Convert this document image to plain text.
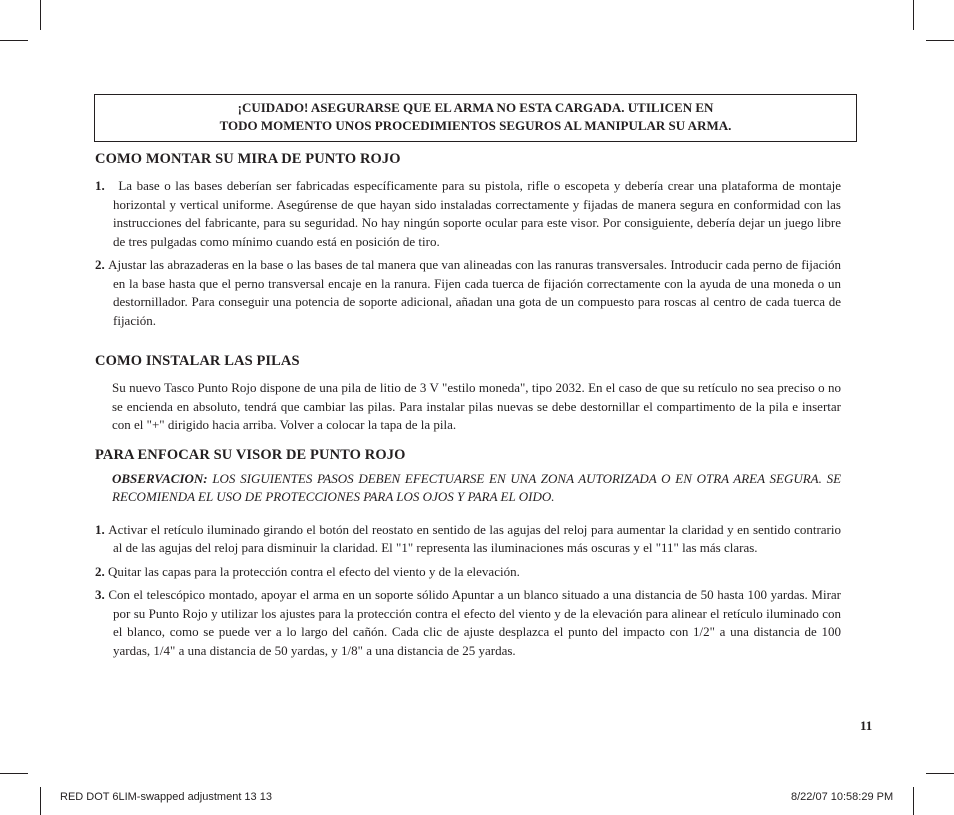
¡CUIDADO! ASEGURARSE QUE EL ARMA NO ESTA CARGADA. UTILICEN EN
TODO MOMENTO UNOS PROCEDIMIENTOS SEGUROS AL MANIPULAR SU ARMA.

COMO MONTAR SU MIRA DE PUNTO ROJO

1. La base o las bases deberían ser fabricadas específicamente para su pistola, rifle o escopeta y debería crear una plataforma de montaje horizontal y vertical uniforme. Asegúrense de que hayan sido instaladas correctamente y fijadas de manera segura en conformidad con las instrucciones del fabricante, para su seguridad. No hay ningún soporte ocular para este visor. Por consiguiente, debería dejar un juego libre de tres pulgadas como mínimo cuando está en posición de tiro.

2. Ajustar las abrazaderas en la base o las bases de tal manera que van alineadas con las ranuras transversales. Introducir cada perno de fijación en la base hasta que el perno transversal encaje en la ranura. Fijen cada tuerca de fijación correctamente con la ayuda de una moneda o un destornillador. Para conseguir una potencia de soporte adicional, añadan una gota de un compuesto para roscas al centro de cada tuerca de fijación.

COMO INSTALAR LAS PILAS

Su nuevo Tasco Punto Rojo dispone de una pila de litio de 3 V "estilo moneda", tipo 2032. En el caso de que su retículo no sea preciso o no se encienda en absoluto, tendrá que cambiar las pilas. Para instalar pilas nuevas se debe destornillar el compartimento de la pila e insertar con el "+" dirigido hacia arriba. Volver a colocar la tapa de la pila.

PARA ENFOCAR SU VISOR DE PUNTO ROJO

OBSERVACION: LOS SIGUIENTES PASOS DEBEN EFECTUARSE EN UNA ZONA AUTORIZADA O EN OTRA AREA SEGURA. SE RECOMIENDA EL USO DE PROTECCIONES PARA LOS OJOS Y PARA EL OIDO.

1. Activar el retículo iluminado girando el botón del reostato en sentido de las agujas del reloj para aumentar la claridad y en sentido contrario al de las agujas del reloj para disminuir la claridad. El "1" representa las iluminaciones más oscuras y el "11" las más claras.

2. Quitar las capas para la protección contra el efecto del viento y de la elevación.

3. Con el telescópico montado, apoyar el arma en un soporte sólido Apuntar a un blanco situado a una distancia de 50 hasta 100 yardas. Mirar por su Punto Rojo y utilizar los ajustes para la protección contra el efecto del viento y de la elevación para alinear el retículo iluminado con el blanco, como se puede ver a lo largo del cañón. Cada clic de ajuste desplazca el punto del impacto con 1/2" a una distancia de 100 yardas, 1/4" a una distancia de 50 yardas, y 1/8" a una distancia de 25 yardas.

11
RED DOT 6LIM-swapped adjustment 13 13	8/22/07 10:58:29 PM
